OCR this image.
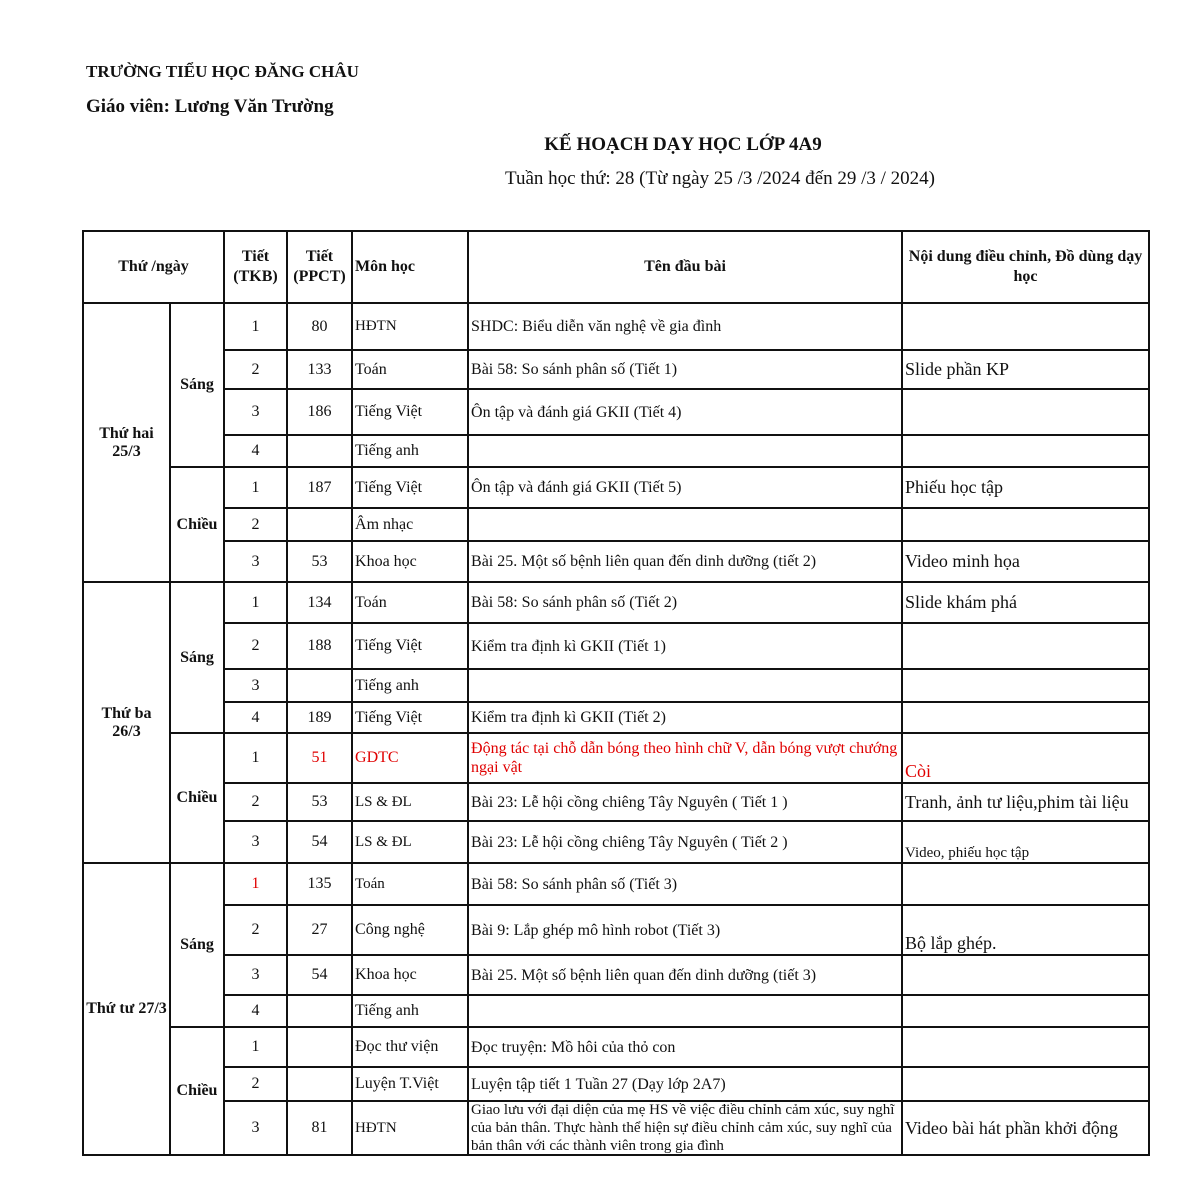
TRƯỜNG TIỂU HỌC ĐĂNG CHÂU
Giáo viên: Lương Văn Trường
KẾ HOẠCH DẠY HỌC LỚP 4A9
Tuần học thứ: 28 (Từ ngày 25 /3 /2024 đến 29 /3 / 2024)
Thứ /ngày		Tiết (TKB)	Tiết (PPCT)	Môn học	Tên đầu bài	Nội dung điều chỉnh, Đồ dùng dạy học
Thứ hai 25/3	Sáng	1	80	HĐTN	SHDC: Biểu diễn văn nghệ về gia đình	
		2	133	Toán	Bài 58: So sánh phân số (Tiết 1)	Slide phần KP
		3	186	Tiếng Việt	Ôn tập và đánh giá GKII (Tiết 4)	
		4		Tiếng anh		
	Chiều	1	187	Tiếng Việt	Ôn tập và đánh giá GKII (Tiết 5)	Phiếu học tập
		2		Âm nhạc		
		3	53	Khoa học	Bài 25. Một số bệnh liên quan đến dinh dưỡng (tiết 2)	Video minh họa
Thứ ba 26/3	Sáng	1	134	Toán	Bài 58: So sánh phân số (Tiết 2)	Slide khám phá
		2	188	Tiếng Việt	Kiểm tra định kì GKII (Tiết 1)	
		3		Tiếng anh		
		4	189	Tiếng Việt	Kiểm tra định kì GKII (Tiết 2)	
	Chiều	1	51	GDTC	Động tác tại chỗ dẫn bóng theo hình chữ V, dẫn bóng vượt chướng ngại vật	Còi
		2	53	LS & ĐL	Bài 23: Lễ hội cồng chiêng Tây Nguyên ( Tiết 1 )	Tranh, ảnh tư liệu,phim tài liệu
		3	54	LS & ĐL	Bài 23: Lễ hội cồng chiêng Tây Nguyên ( Tiết 2 )	Video, phiếu học tập
Thứ tư 27/3	Sáng	1	135	Toán	Bài 58: So sánh phân số (Tiết 3)	
		2	27	Công nghệ	Bài 9: Lắp ghép mô hình robot (Tiết 3)	Bộ lắp ghép.
		3	54	Khoa học	Bài 25. Một số bệnh liên quan đến dinh dưỡng (tiết 3)	
		4		Tiếng anh		
	Chiều	1		Đọc thư viện	Đọc truyện: Mồ hôi của thỏ con	
		2		Luyện T.Việt	Luyện tập tiết 1 Tuần 27 (Dạy lớp 2A7)	
		3	81	HĐTN	Giao lưu với đại diện của mẹ HS về việc điều chỉnh cảm xúc, suy nghĩ của bản thân. Thực hành thể hiện sự điều chỉnh cảm xúc, suy nghĩ của bản thân với các thành viên trong gia đình	Video bài hát phần khởi động
